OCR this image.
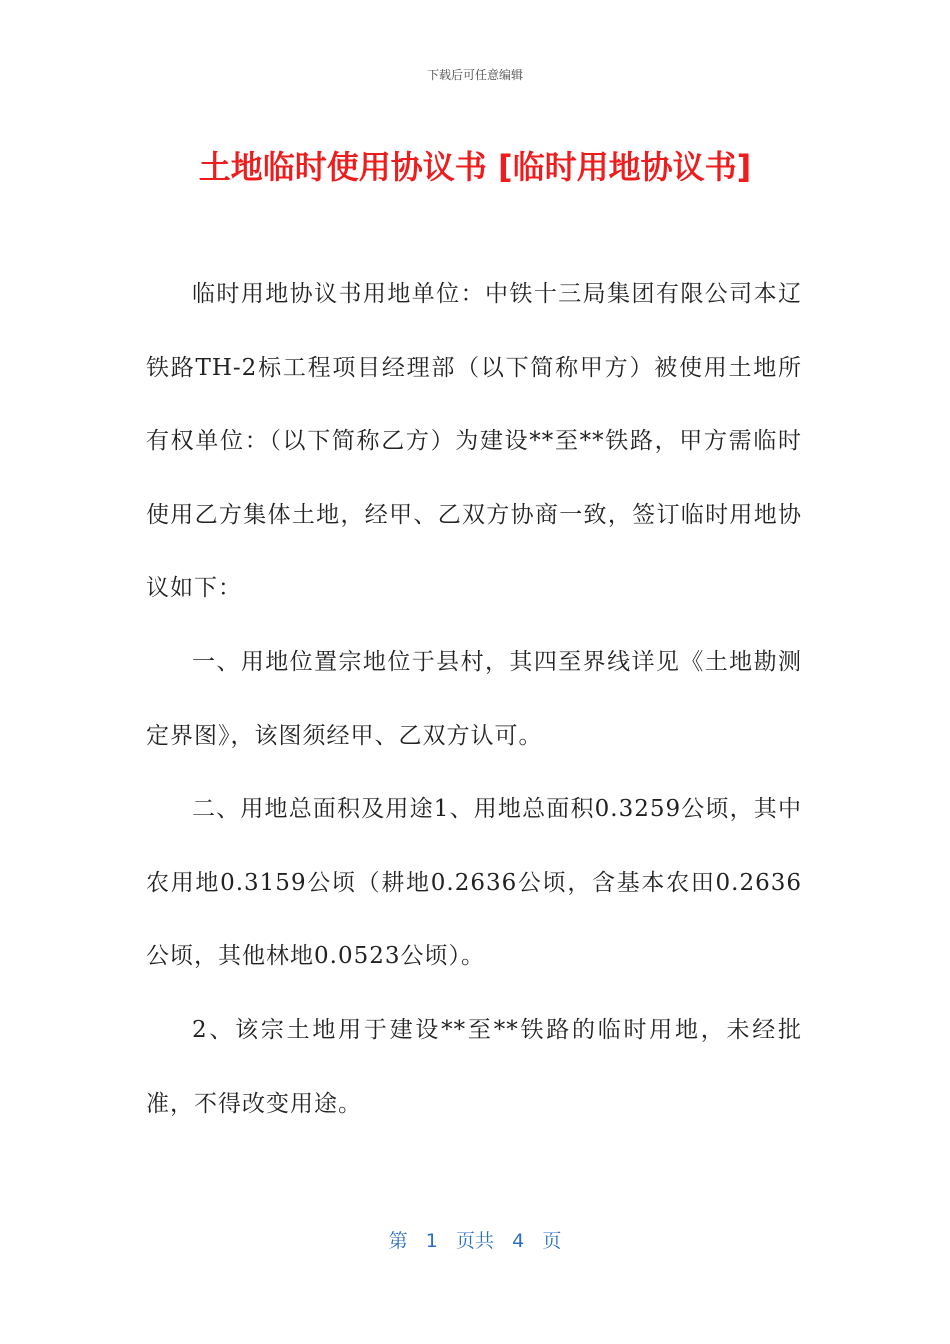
下载后可任意编辑
土地临时使用协议书 [临时用地协议书]

临时用地协议书用地单位：中铁十三局集团有限公司本辽铁路TH-2标工程项目经理部（以下简称甲方）被使用土地所有权单位：（以下简称乙方）为建设**至**铁路，甲方需临时使用乙方集体土地，经甲、乙双方协商一致，签订临时用地协议如下：

一、用地位置宗地位于县村，其四至界线详见《土地勘测定界图》，该图须经甲、乙双方认可。

二、用地总面积及用途1、用地总面积0.3259公顷，其中农用地0.3159公顷（耕地0.2636公顷，含基本农田0.2636公顷，其他林地0.0523公顷）。

2、该宗土地用于建设**至**铁路的临时用地，未经批准，不得改变用途。

第 1 页共 4 页
